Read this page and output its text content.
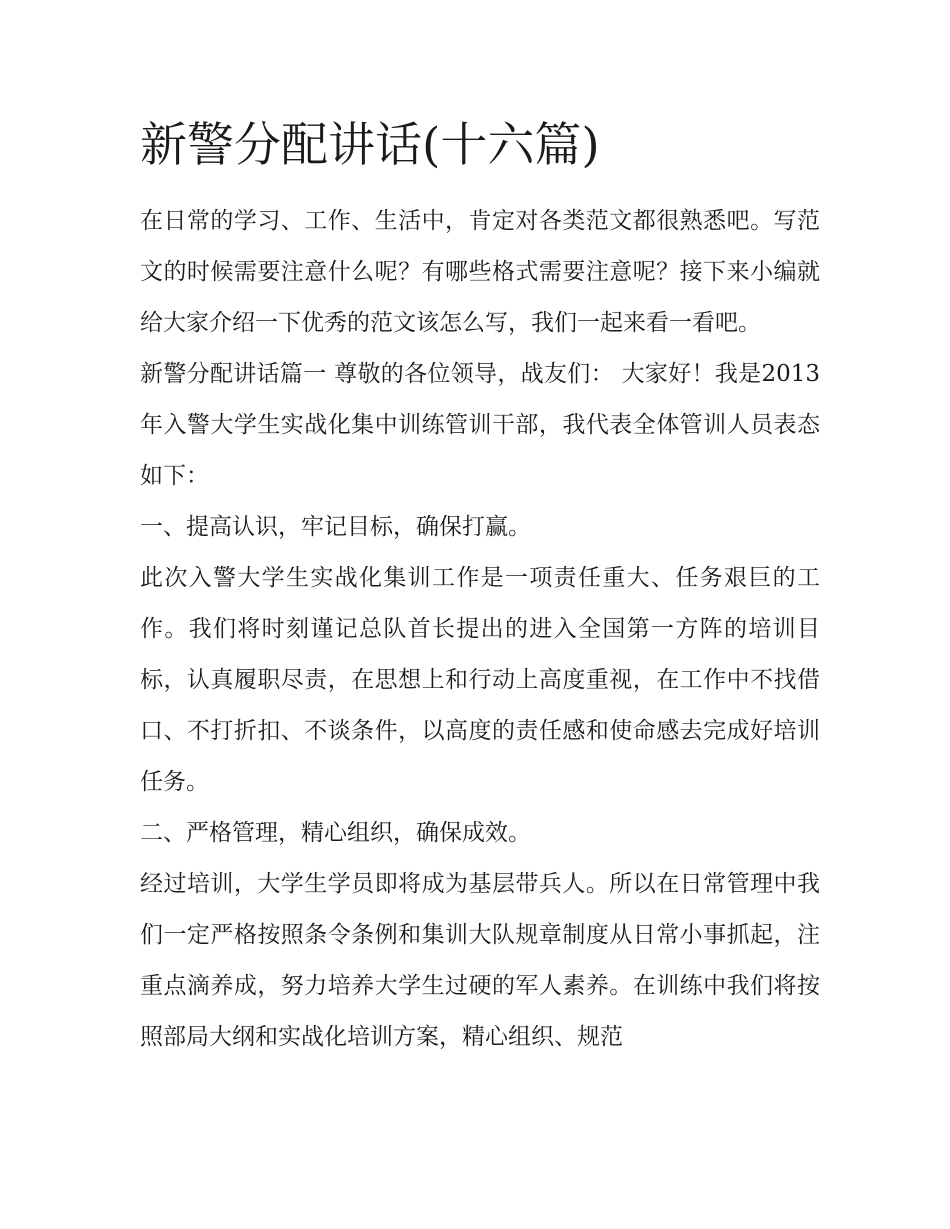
新警分配讲话(十六篇)

在日常的学习、工作、生活中，肯定对各类范文都很熟悉吧。写范文的时候需要注意什么呢？有哪些格式需要注意呢？接下来小编就给大家介绍一下优秀的范文该怎么写，我们一起来看一看吧。

新警分配讲话篇一 尊敬的各位领导，战友们： 大家好！我是2013年入警大学生实战化集中训练管训干部，我代表全体管训人员表态如下：

一、提高认识，牢记目标，确保打赢。

此次入警大学生实战化集训工作是一项责任重大、任务艰巨的工作。我们将时刻谨记总队首长提出的进入全国第一方阵的培训目标，认真履职尽责，在思想上和行动上高度重视，在工作中不找借口、不打折扣、不谈条件，以高度的责任感和使命感去完成好培训任务。

二、严格管理，精心组织，确保成效。

经过培训，大学生学员即将成为基层带兵人。所以在日常管理中我们一定严格按照条令条例和集训大队规章制度从日常小事抓起，注重点滴养成，努力培养大学生过硬的军人素养。在训练中我们将按照部局大纲和实战化培训方案，精心组织、规范
